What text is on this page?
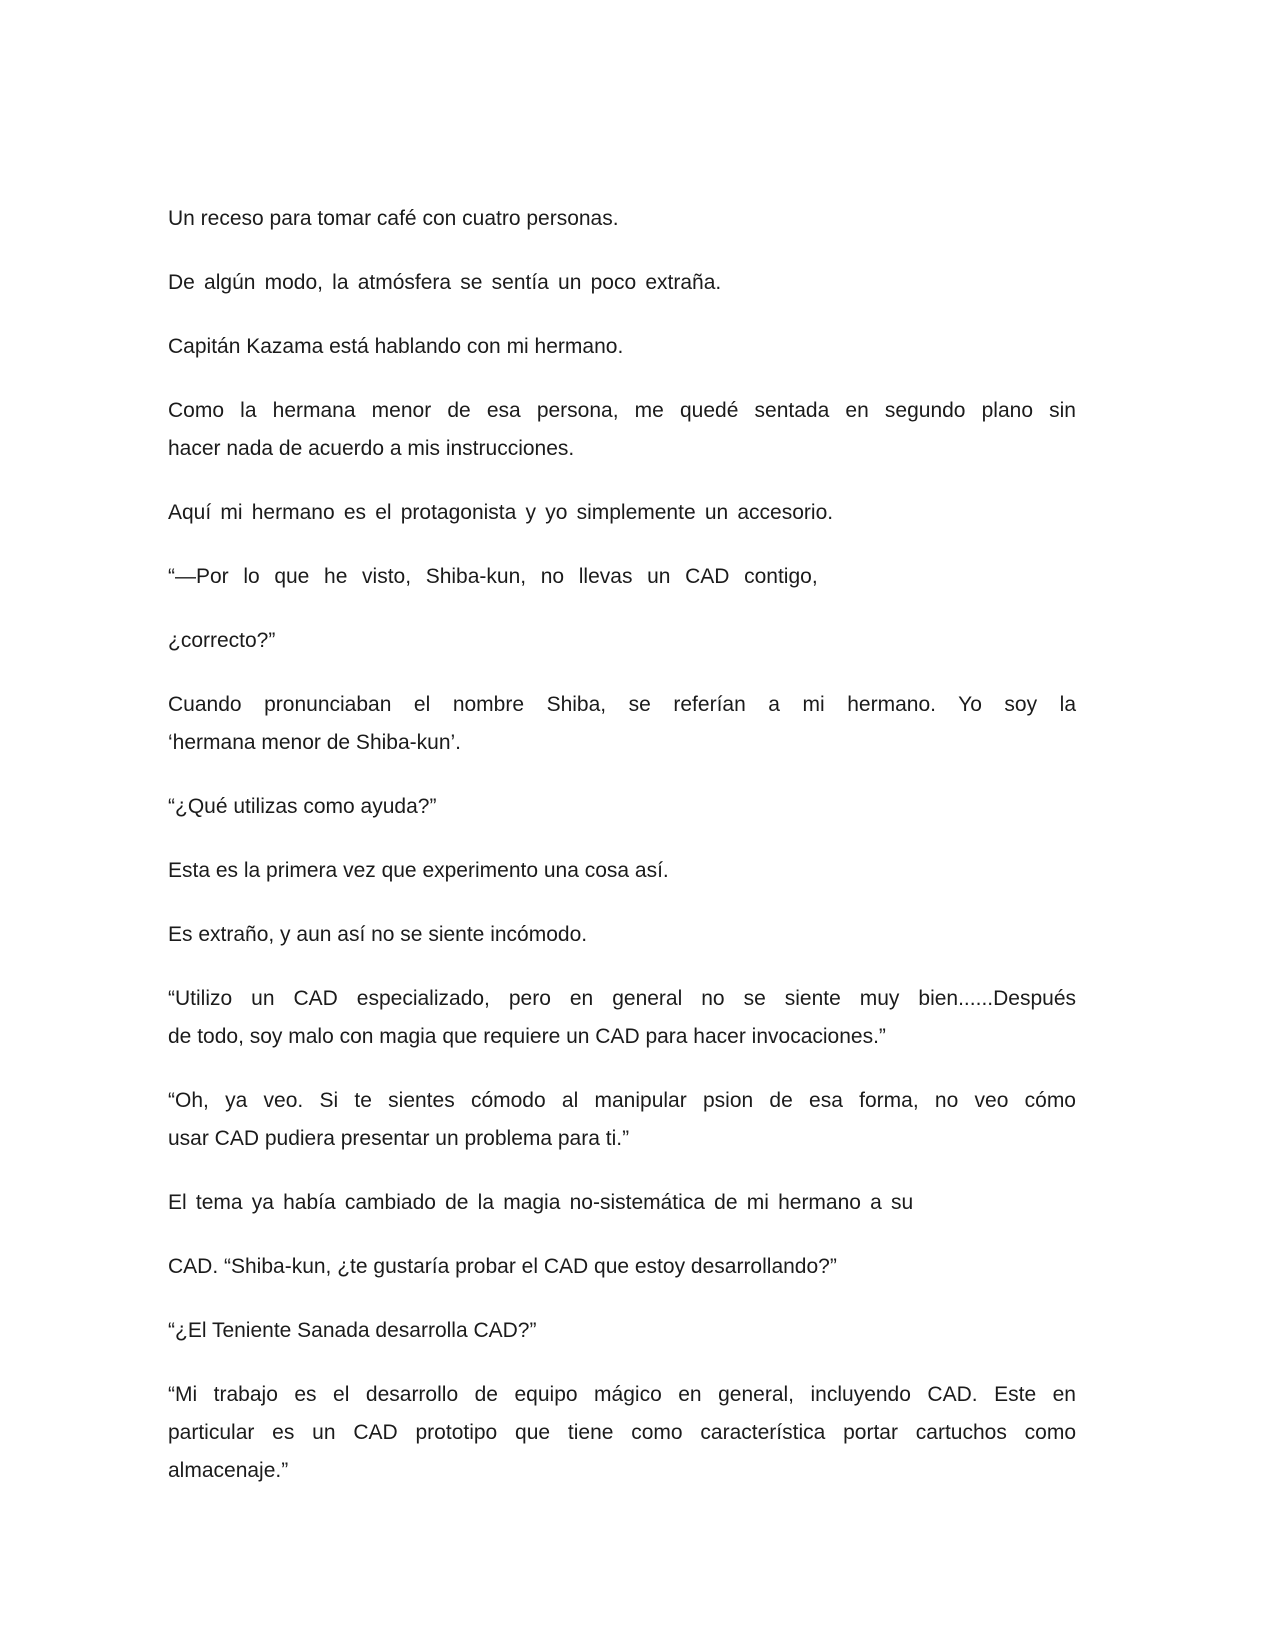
Un receso para tomar café con cuatro personas.
De algún modo, la atmósfera se sentía un poco extraña.
Capitán Kazama está hablando con mi hermano.
Como la hermana menor de esa persona, me quedé sentada en segundo plano sin
hacer nada de acuerdo a mis instrucciones.
Aquí mi hermano es el protagonista y yo simplemente un accesorio.
“—Por lo que he visto, Shiba-kun, no llevas un CAD contigo,
¿correcto?”
Cuando pronunciaban el nombre Shiba, se referían a mi hermano. Yo soy la
‘hermana menor de Shiba-kun’.
“¿Qué utilizas como ayuda?”
Esta es la primera vez que experimento una cosa así.
Es extraño, y aun así no se siente incómodo.
“Utilizo un CAD especializado, pero en general no se siente muy bien......Después
de todo, soy malo con magia que requiere un CAD para hacer invocaciones.”
“Oh, ya veo. Si te sientes cómodo al manipular psion de esa forma, no veo cómo
usar CAD pudiera presentar un problema para ti.”
El tema ya había cambiado de la magia no-sistemática de mi hermano a su
CAD. “Shiba-kun, ¿te gustaría probar el CAD que estoy desarrollando?”
“¿El Teniente Sanada desarrolla CAD?”
“Mi trabajo es el desarrollo de equipo mágico en general, incluyendo CAD. Este en
particular es un CAD prototipo que tiene como característica portar cartuchos como
almacenaje.”
